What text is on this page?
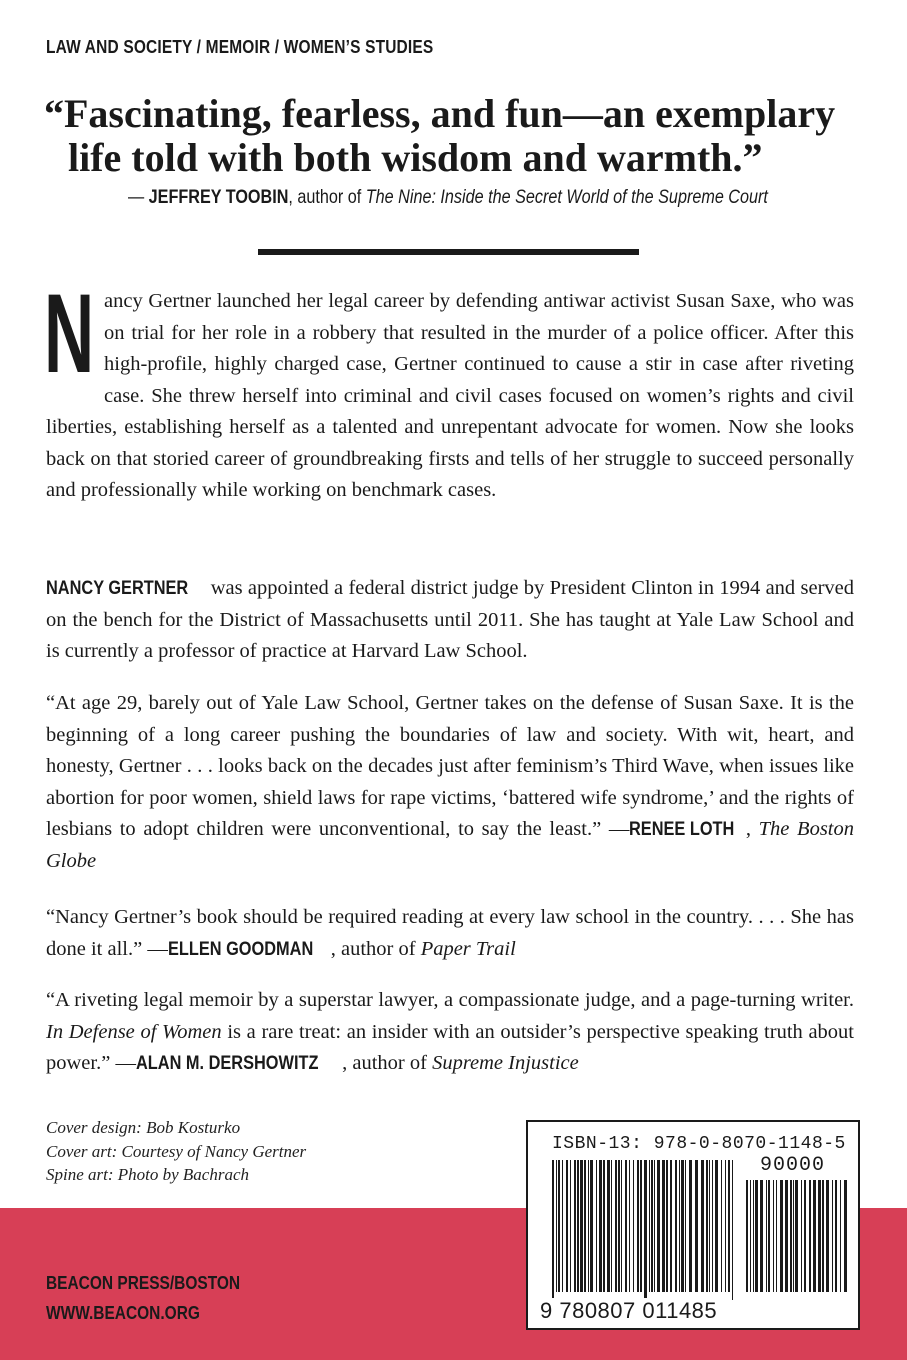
LAW AND SOCIETY / MEMOIR / WOMEN’S STUDIES
“Fascinating, fearless, and fun—an exemplary
life told with both wisdom and warmth.”
— JEFFREY TOOBIN, author of The Nine: Inside the Secret World of the Supreme Court
Nancy Gertner launched her legal career by defending antiwar activist Susan Saxe, who was on trial for her role in a robbery that resulted in the murder of a police officer. After this high-profile, highly charged case, Gertner continued to cause a stir in case after riveting case. She threw herself into criminal and civil cases focused on women’s rights and civil liberties, establishing herself as a talented and unrepentant advocate for women. Now she looks back on that storied career of groundbreaking firsts and tells of her struggle to succeed personally and professionally while working on benchmark cases.
NANCY GERTNER was appointed a federal district judge by President Clinton in 1994 and served on the bench for the District of Massachusetts until 2011. She has taught at Yale Law School and is currently a professor of practice at Harvard Law School.
“At age 29, barely out of Yale Law School, Gertner takes on the defense of Susan Saxe. It is the beginning of a long career pushing the boundaries of law and society. With wit, heart, and honesty, Gertner . . . looks back on the decades just after feminism’s Third Wave, when issues like abortion for poor women, shield laws for rape victims, ‘battered wife syndrome,’ and the rights of lesbians to adopt children were unconventional, to say the least.” —RENEE LOTH , The Boston Globe
“Nancy Gertner’s book should be required reading at every law school in the country. . . . She has done it all.” —ELLEN GOODMAN , author of Paper Trail
“A riveting legal memoir by a superstar lawyer, a compassionate judge, and a page-turning writer. In Defense of Women is a rare treat: an insider with an outsider’s perspective speaking truth about power.” —ALAN M. DERSHOWITZ , author of Supreme Injustice
Cover design: Bob Kosturko
Cover art: Courtesy of Nancy Gertner
Spine art: Photo by Bachrach
BEACON PRESS/BOSTON
WWW.BEACON.ORG
ISBN-13: 978-0-8070-1148-5
90000
9 780807 011485
